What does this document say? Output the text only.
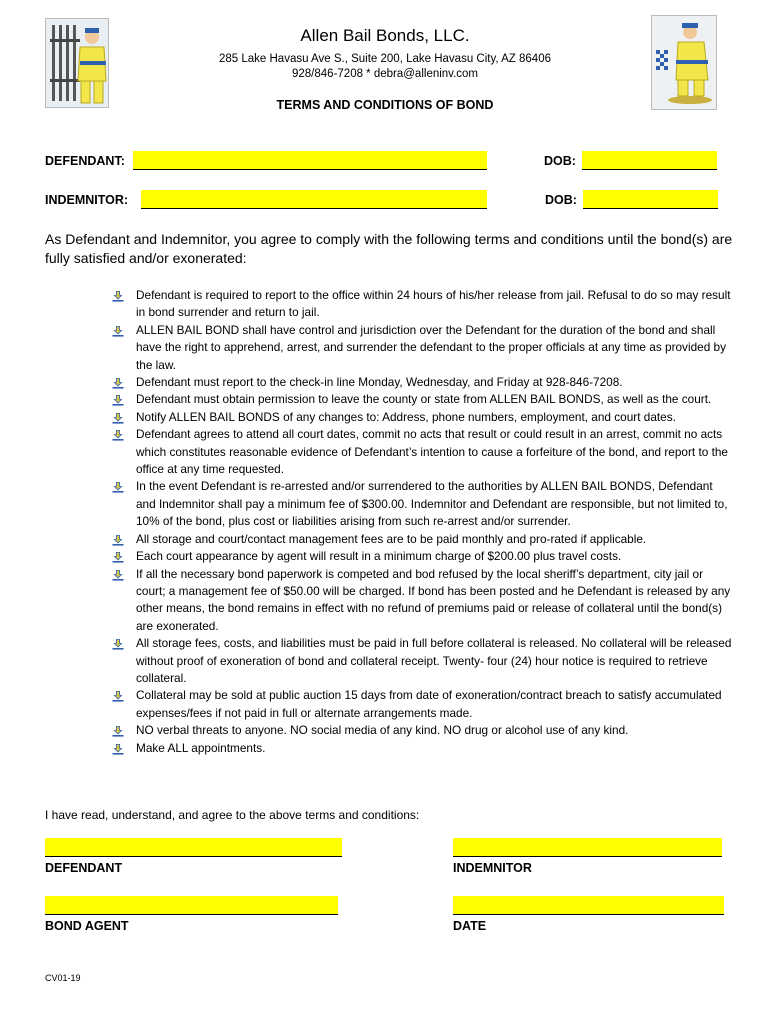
Allen Bail Bonds, LLC.
285 Lake Havasu Ave S., Suite 200, Lake Havasu City, AZ 86406
928/846-7208 * debra@alleninv.com
TERMS AND CONDITIONS OF BOND
DEFENDANT:	DOB:
INDEMNITOR:	DOB:
As Defendant and Indemnitor, you agree to comply with the following terms and conditions until the bond(s) are fully satisfied and/or exonerated:
Defendant is required to report to the office within 24 hours of his/her release from jail. Refusal to do so may result in bond surrender and return to jail.
ALLEN BAIL BOND shall have control and jurisdiction over the Defendant for the duration of the bond and shall have the right to apprehend, arrest, and surrender the defendant to the proper officials at any time as provided by the law.
Defendant must report to the check-in line Monday, Wednesday, and Friday at 928-846-7208.
Defendant must obtain permission to leave the county or state from ALLEN BAIL BONDS, as well as the court.
Notify ALLEN BAIL BONDS of any changes to: Address, phone numbers, employment, and court dates.
Defendant agrees to attend all court dates, commit no acts that result or could result in an arrest, commit no acts which constitutes reasonable evidence of Defendant’s intention to cause a forfeiture of the bond, and report to the office at any time requested.
In the event Defendant is re-arrested and/or surrendered to the authorities by ALLEN BAIL BONDS, Defendant and Indemnitor shall pay a minimum fee of $300.00. Indemnitor and Defendant are responsible, but not limited to, 10% of the bond, plus cost or liabilities arising from such re-arrest and/or surrender.
All storage and court/contact management fees are to be paid monthly and pro-rated if applicable.
Each court appearance by agent will result in a minimum charge of $200.00 plus travel costs.
If all the necessary bond paperwork is competed and bod refused by the local sheriff’s department, city jail or court; a management fee of $50.00 will be charged. If bond has been posted and he Defendant is released by any other means, the bond remains in effect with no refund of premiums paid or release of collateral until the bond(s) are exonerated.
All storage fees, costs, and liabilities must be paid in full before collateral is released. No collateral will be released without proof of exoneration of bond and collateral receipt. Twenty- four (24) hour notice is required to retrieve collateral.
Collateral may be sold at public auction 15 days from date of exoneration/contract breach to satisfy accumulated expenses/fees if not paid in full or alternate arrangements made.
NO verbal threats to anyone. NO social media of any kind. NO drug or alcohol use of any kind.
Make ALL appointments.
I have read, understand, and agree to the above terms and conditions:
DEFENDANT	INDEMNITOR
BOND AGENT	DATE
CV01-19
